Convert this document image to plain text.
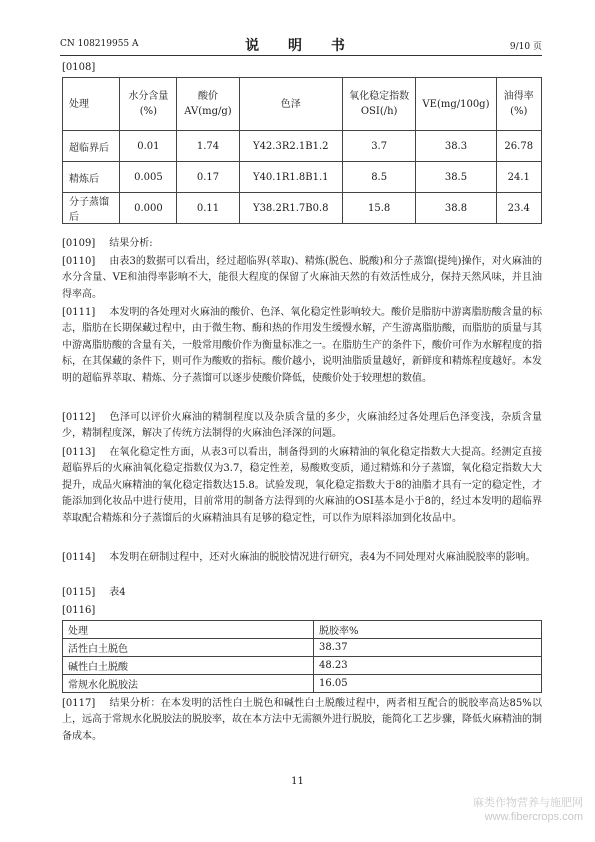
CN 108219955 A	说 明 书	9/10 页
[0108]
处理	水分含量(%)	酸价AV(mg/g)	色泽	氧化稳定指数OSI(/h)	VE(mg/100g)	油得率(%)
超临界后	0.01	1.74	Y42.3R2.1B1.2	3.7	38.3	26.78
精炼后	0.005	0.17	Y40.1R1.8B1.1	8.5	38.5	24.1
分子蒸馏后	0.000	0.11	Y38.2R1.7B0.8	15.8	38.8	23.4
[0109] 结果分析:
[0110] 由表3的数据可以看出，经过超临界(萃取)、精炼(脱色、脱酸)和分子蒸馏(提纯)操作，对火麻油的水分含量、VE和油得率影响不大，能很大程度的保留了火麻油天然的有效活性成分，保持天然风味，并且油得率高。
[0111] 本发明的各处理对火麻油的酸价、色泽、氧化稳定性影响较大。酸价是脂肪中游离脂肪酸含量的标志，脂肪在长期保藏过程中，由于微生物、酶和热的作用发生缓慢水解，产生游离脂肪酸，而脂肪的质量与其中游离脂肪酸的含量有关，一般常用酸价作为衡量标准之一。在脂肪生产的条件下，酸价可作为水解程度的指标，在其保藏的条件下，则可作为酸败的指标。酸价越小，说明油脂质量越好，新鲜度和精炼程度越好。本发明的超临界萃取、精炼、分子蒸馏可以逐步使酸价降低，使酸价处于较理想的数值。
[0112] 色泽可以评价火麻油的精制程度以及杂质含量的多少，火麻油经过各处理后色泽变浅，杂质含量少，精制程度深，解决了传统方法制得的火麻油色泽深的问题。
[0113] 在氧化稳定性方面，从表3可以看出，制备得到的火麻精油的氧化稳定指数大大提高。经测定直接超临界后的火麻油氧化稳定指数仅为3.7，稳定性差，易酸败变质，通过精炼和分子蒸馏，氧化稳定指数大大提升，成品火麻精油的氧化稳定指数达15.8。试验发现，氧化稳定指数大于8的油脂才具有一定的稳定性，才能添加到化妆品中进行使用，目前常用的制备方法得到的火麻油的OSI基本是小于8的，经过本发明的超临界萃取配合精炼和分子蒸馏后的火麻精油具有足够的稳定性，可以作为原料添加到化妆品中。
[0114] 本发明在研制过程中，还对火麻油的脱胶情况进行研究，表4为不同处理对火麻油脱胶率的影响。
[0115] 表4
[0116]
处理	脱胶率%
活性白土脱色	38.37
碱性白土脱酸	48.23
常规水化脱胶法	16.05
[0117] 结果分析：在本发明的活性白土脱色和碱性白土脱酸过程中，两者相互配合的脱胶率高达85%以上，远高于常规水化脱胶法的脱胶率，故在本方法中无需额外进行脱胶，能简化工艺步骤，降低火麻精油的制备成本。
11
麻类作物营养与施肥网
www.fibercrops.com
